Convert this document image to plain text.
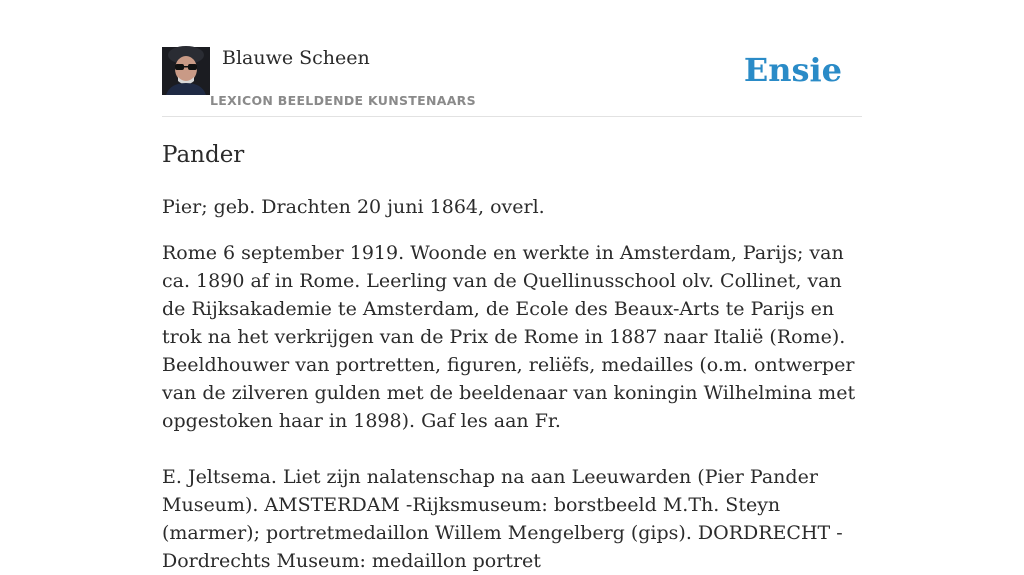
Blauwe Scheen
LEXICON BEELDENDE KUNSTENAARS
Ensie
Pander

Pier; geb. Drachten 20 juni 1864, overl.

Rome 6 september 1919. Woonde en werkte in Amsterdam, Parijs; van ca. 1890 af in Rome. Leerling van de Quellinusschool olv. Collinet, van de Rijksakademie te Amsterdam, de Ecole des Beaux-Arts te Parijs en trok na het verkrijgen van de Prix de Rome in 1887 naar Italië (Rome). Beeldhouwer van portretten, figuren, reliëfs, medailles (o.m. ontwerper van de zilveren gulden met de beeldenaar van koningin Wilhelmina met opgestoken haar in 1898). Gaf les aan Fr.

E. Jeltsema. Liet zijn nalatenschap na aan Leeuwarden (Pier Pander Museum). AMSTERDAM -Rijksmuseum: borstbeeld M.Th. Steyn (marmer); portretmedaillon Willem Mengelberg (gips). DORDRECHT -Dordrechts Museum: medaillon portret
